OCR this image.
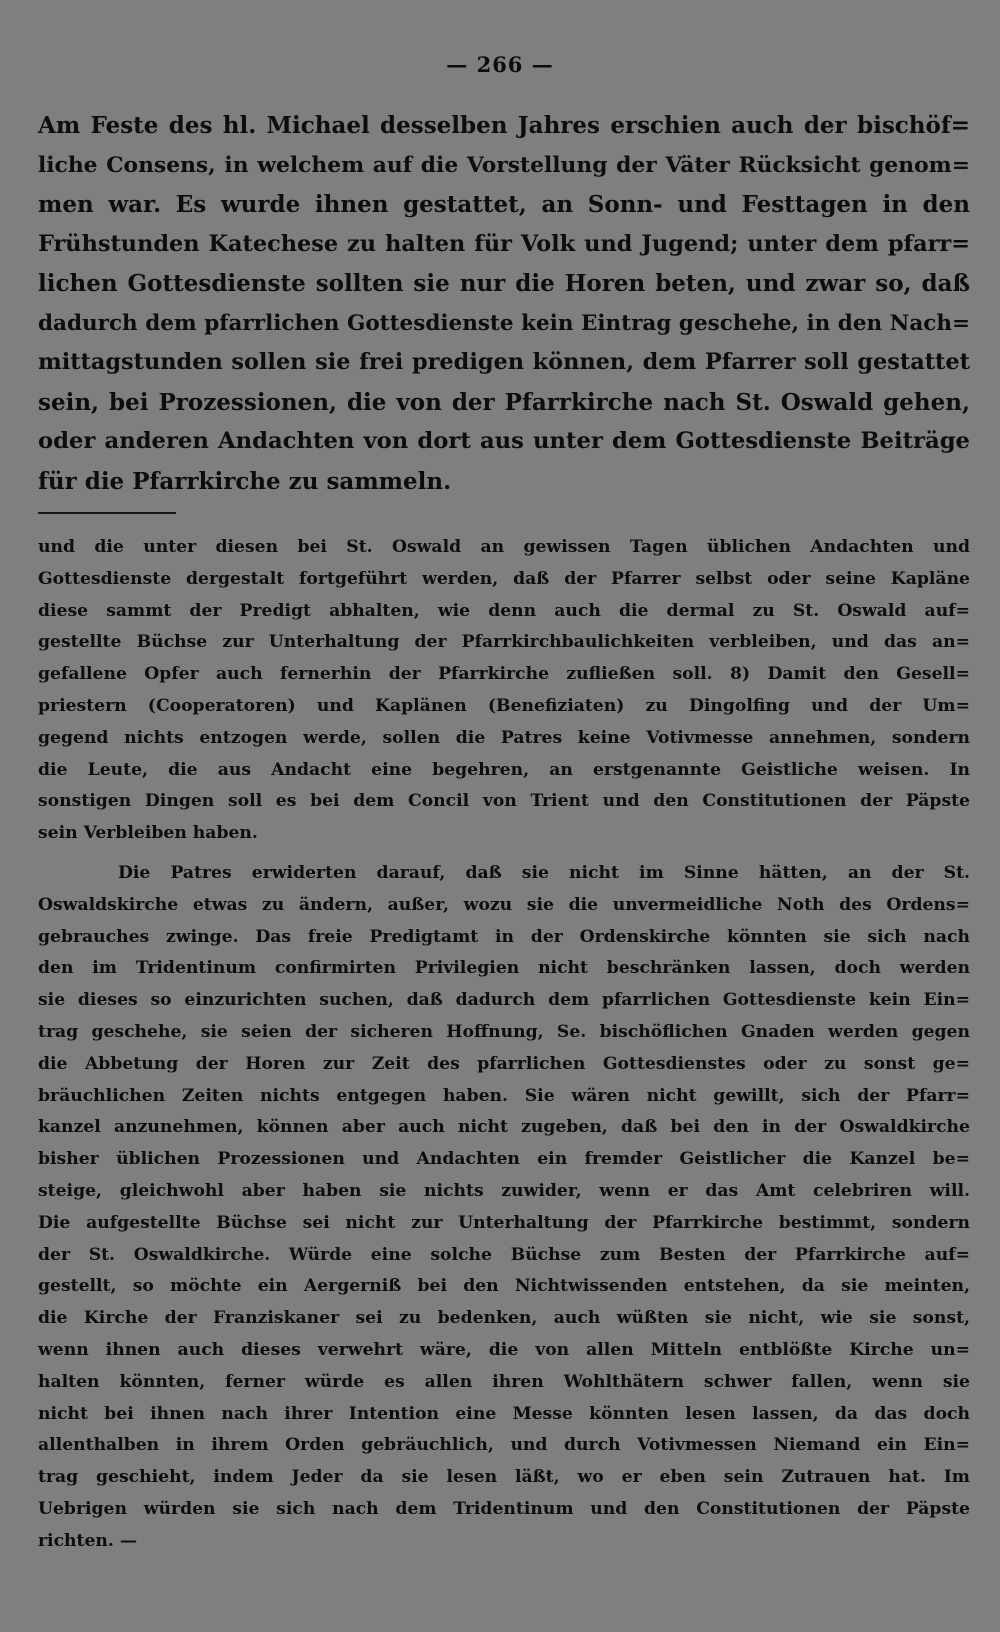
— 266 —
Am Feste des hl. Michael desselben Jahres erschien auch der bischöf=
liche Consens, in welchem auf die Vorstellung der Väter Rücksicht genom=
men war. Es wurde ihnen gestattet, an Sonn- und Festtagen in den
Frühstunden Katechese zu halten für Volk und Jugend; unter dem pfarr=
lichen Gottesdienste sollten sie nur die Horen beten, und zwar so, daß
dadurch dem pfarrlichen Gottesdienste kein Eintrag geschehe, in den Nach=
mittagstunden sollen sie frei predigen können, dem Pfarrer soll gestattet
sein, bei Prozessionen, die von der Pfarrkirche nach St. Oswald gehen,
oder anderen Andachten von dort aus unter dem Gottesdienste Beiträge
für die Pfarrkirche zu sammeln.
und die unter diesen bei St. Oswald an gewissen Tagen üblichen Andachten und
Gottesdienste dergestalt fortgeführt werden, daß der Pfarrer selbst oder seine Kapläne
diese sammt der Predigt abhalten, wie denn auch die dermal zu St. Oswald auf=
gestellte Büchse zur Unterhaltung der Pfarrkirchbaulichkeiten verbleiben, und das an=
gefallene Opfer auch fernerhin der Pfarrkirche zufließen soll. 8) Damit den Gesell=
priestern (Cooperatoren) und Kaplänen (Benefiziaten) zu Dingolfing und der Um=
gegend nichts entzogen werde, sollen die Patres keine Votivmesse annehmen, sondern
die Leute, die aus Andacht eine begehren, an erstgenannte Geistliche weisen. In
sonstigen Dingen soll es bei dem Concil von Trient und den Constitutionen der Päpste
sein Verbleiben haben.
Die Patres erwiderten darauf, daß sie nicht im Sinne hätten, an der St.
Oswaldskirche etwas zu ändern, außer, wozu sie die unvermeidliche Noth des Ordens=
gebrauches zwinge. Das freie Predigtamt in der Ordenskirche könnten sie sich nach
den im Tridentinum confirmirten Privilegien nicht beschränken lassen, doch werden
sie dieses so einzurichten suchen, daß dadurch dem pfarrlichen Gottesdienste kein Ein=
trag geschehe, sie seien der sicheren Hoffnung, Se. bischöflichen Gnaden werden gegen
die Abbetung der Horen zur Zeit des pfarrlichen Gottesdienstes oder zu sonst ge=
bräuchlichen Zeiten nichts entgegen haben. Sie wären nicht gewillt, sich der Pfarr=
kanzel anzunehmen, können aber auch nicht zugeben, daß bei den in der Oswaldkirche
bisher üblichen Prozessionen und Andachten ein fremder Geistlicher die Kanzel be=
steige, gleichwohl aber haben sie nichts zuwider, wenn er das Amt celebriren will.
Die aufgestellte Büchse sei nicht zur Unterhaltung der Pfarrkirche bestimmt, sondern
der St. Oswaldkirche. Würde eine solche Büchse zum Besten der Pfarrkirche auf=
gestellt, so möchte ein Aergerniß bei den Nichtwissenden entstehen, da sie meinten,
die Kirche der Franziskaner sei zu bedenken, auch wüßten sie nicht, wie sie sonst,
wenn ihnen auch dieses verwehrt wäre, die von allen Mitteln entblößte Kirche un=
halten könnten, ferner würde es allen ihren Wohlthätern schwer fallen, wenn sie
nicht bei ihnen nach ihrer Intention eine Messe könnten lesen lassen, da das doch
allenthalben in ihrem Orden gebräuchlich, und durch Votivmessen Niemand ein Ein=
trag geschieht, indem Jeder da sie lesen läßt, wo er eben sein Zutrauen hat. Im
Uebrigen würden sie sich nach dem Tridentinum und den Constitutionen der Päpste
richten. —
